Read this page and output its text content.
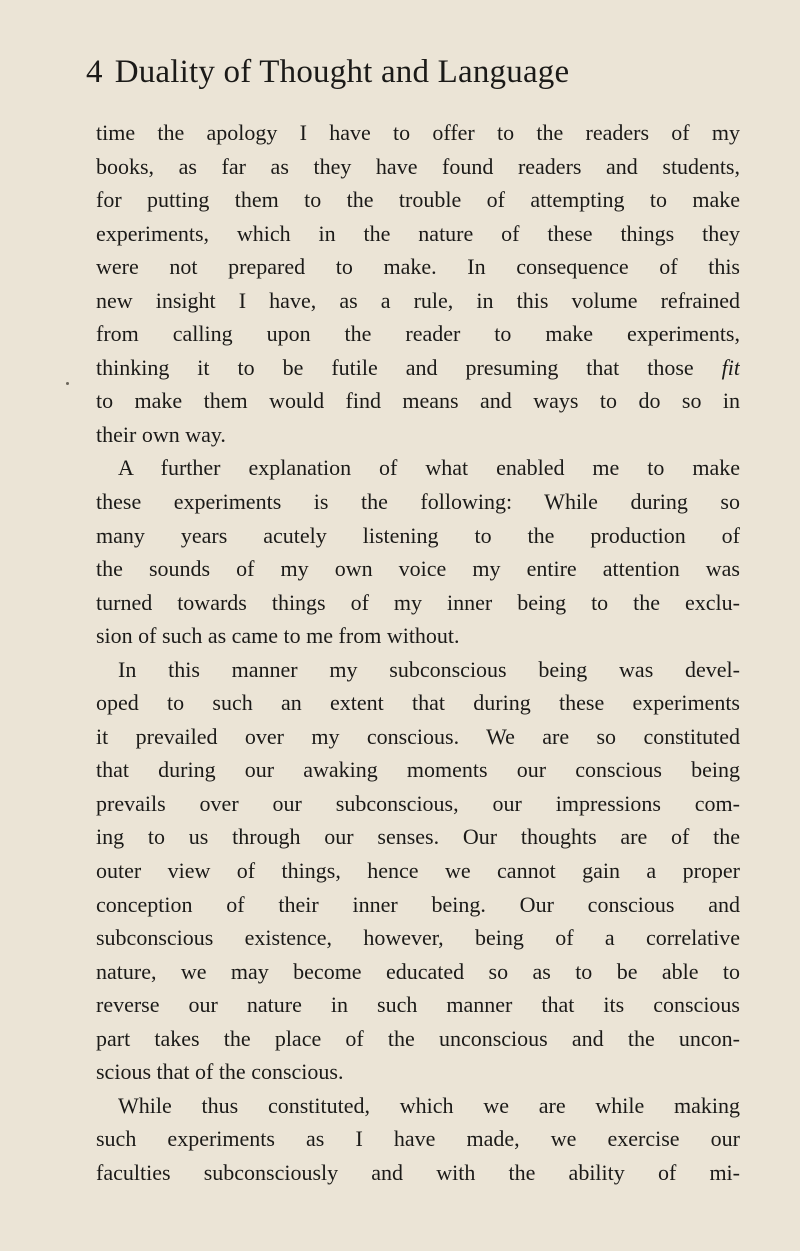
4 Duality of Thought and Language
time the apology I have to offer to the readers of my
books, as far as they have found readers and students,
for putting them to the trouble of attempting to make
experiments, which in the nature of these things they
were not prepared to make. In consequence of this
new insight I have, as a rule, in this volume refrained
from calling upon the reader to make experiments,
thinking it to be futile and presuming that those fit
to make them would find means and ways to do so in
their own way.
A further explanation of what enabled me to make
these experiments is the following: While during so
many years acutely listening to the production of
the sounds of my own voice my entire attention was
turned towards things of my inner being to the exclu-
sion of such as came to me from without.
In this manner my subconscious being was devel-
oped to such an extent that during these experiments
it prevailed over my conscious. We are so constituted
that during our awaking moments our conscious being
prevails over our subconscious, our impressions com-
ing to us through our senses. Our thoughts are of the
outer view of things, hence we cannot gain a proper
conception of their inner being. Our conscious and
subconscious existence, however, being of a correlative
nature, we may become educated so as to be able to
reverse our nature in such manner that its conscious
part takes the place of the unconscious and the uncon-
scious that of the conscious.
While thus constituted, which we are while making
such experiments as I have made, we exercise our
faculties subconsciously and with the ability of mi-
